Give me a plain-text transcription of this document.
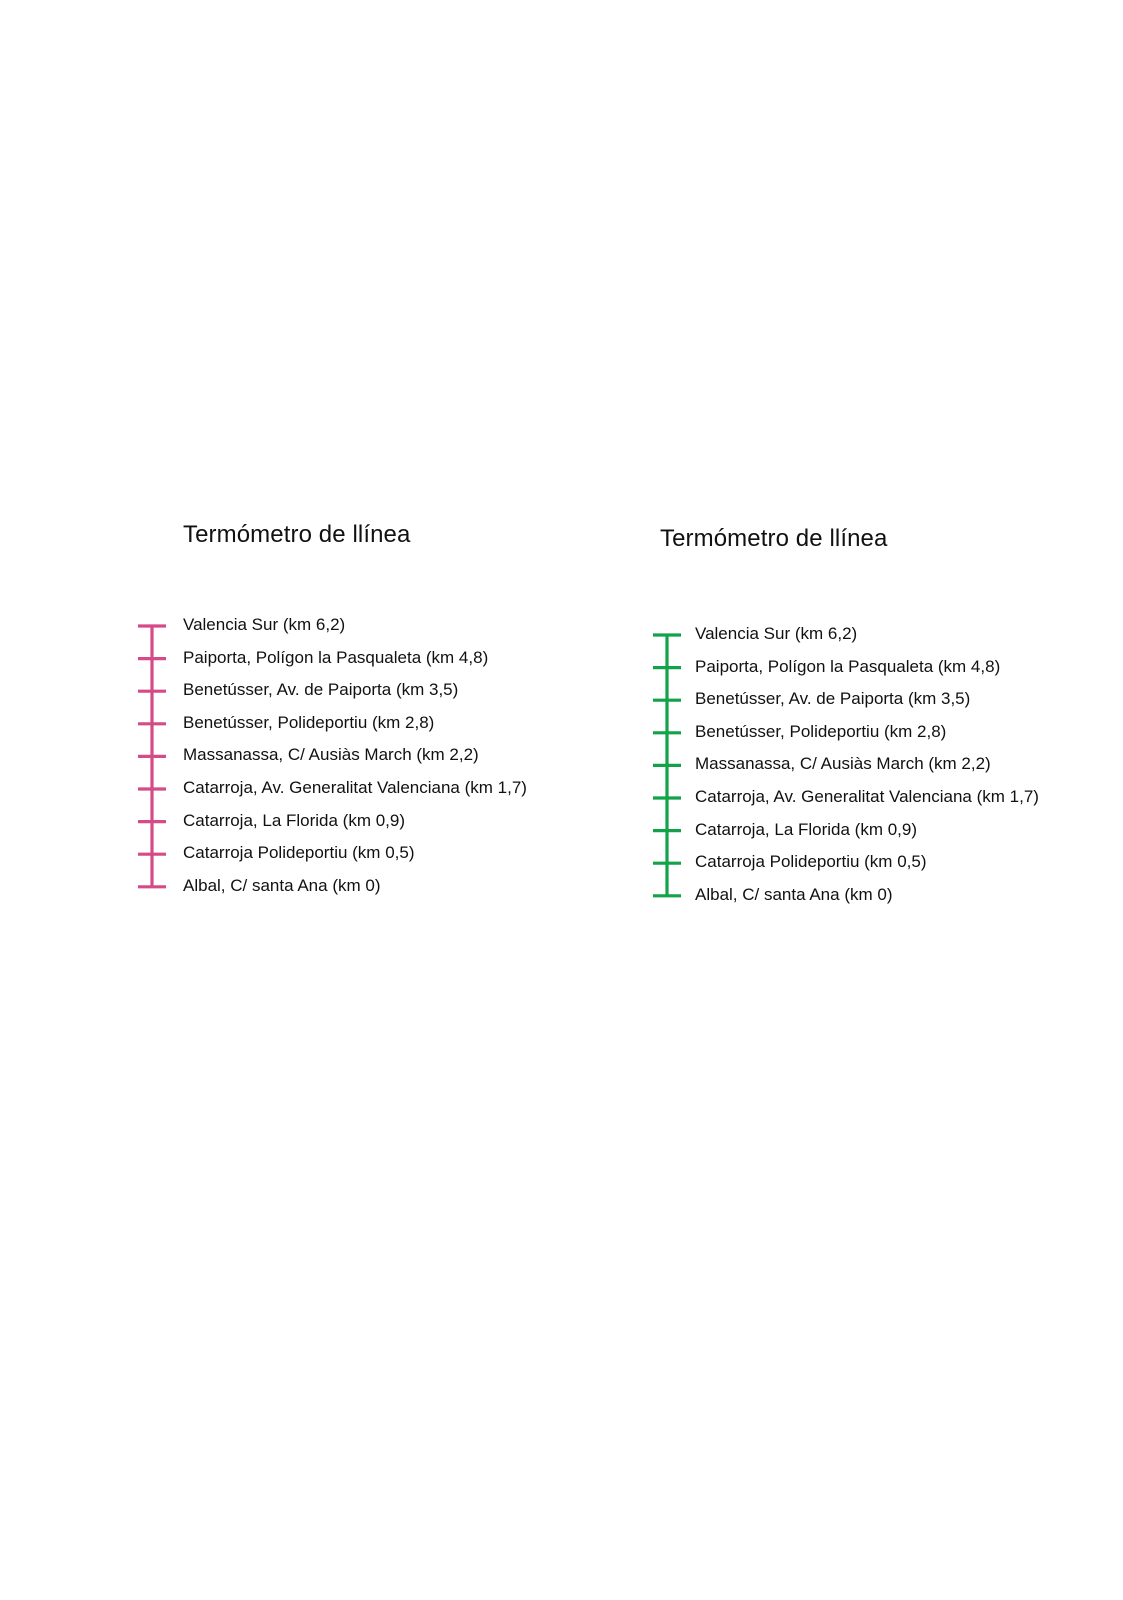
Termómetro de llínea
Valencia Sur (km 6,2)
Paiporta, Polígon la Pasqualeta (km 4,8)
Benetússer, Av. de Paiporta (km 3,5)
Benetússer, Polideportiu (km 2,8)
Massanassa, C/ Ausiàs March (km 2,2)
Catarroja, Av. Generalitat Valenciana (km 1,7)
Catarroja, La Florida (km 0,9)
Catarroja Polideportiu (km 0,5)
Albal, C/ santa Ana (km 0)
Termómetro de llínea
Valencia Sur (km 6,2)
Paiporta, Polígon la Pasqualeta (km 4,8)
Benetússer, Av. de Paiporta (km 3,5)
Benetússer, Polideportiu (km 2,8)
Massanassa, C/ Ausiàs March (km 2,2)
Catarroja, Av. Generalitat Valenciana (km 1,7)
Catarroja, La Florida (km 0,9)
Catarroja Polideportiu (km 0,5)
Albal, C/ santa Ana (km 0)
